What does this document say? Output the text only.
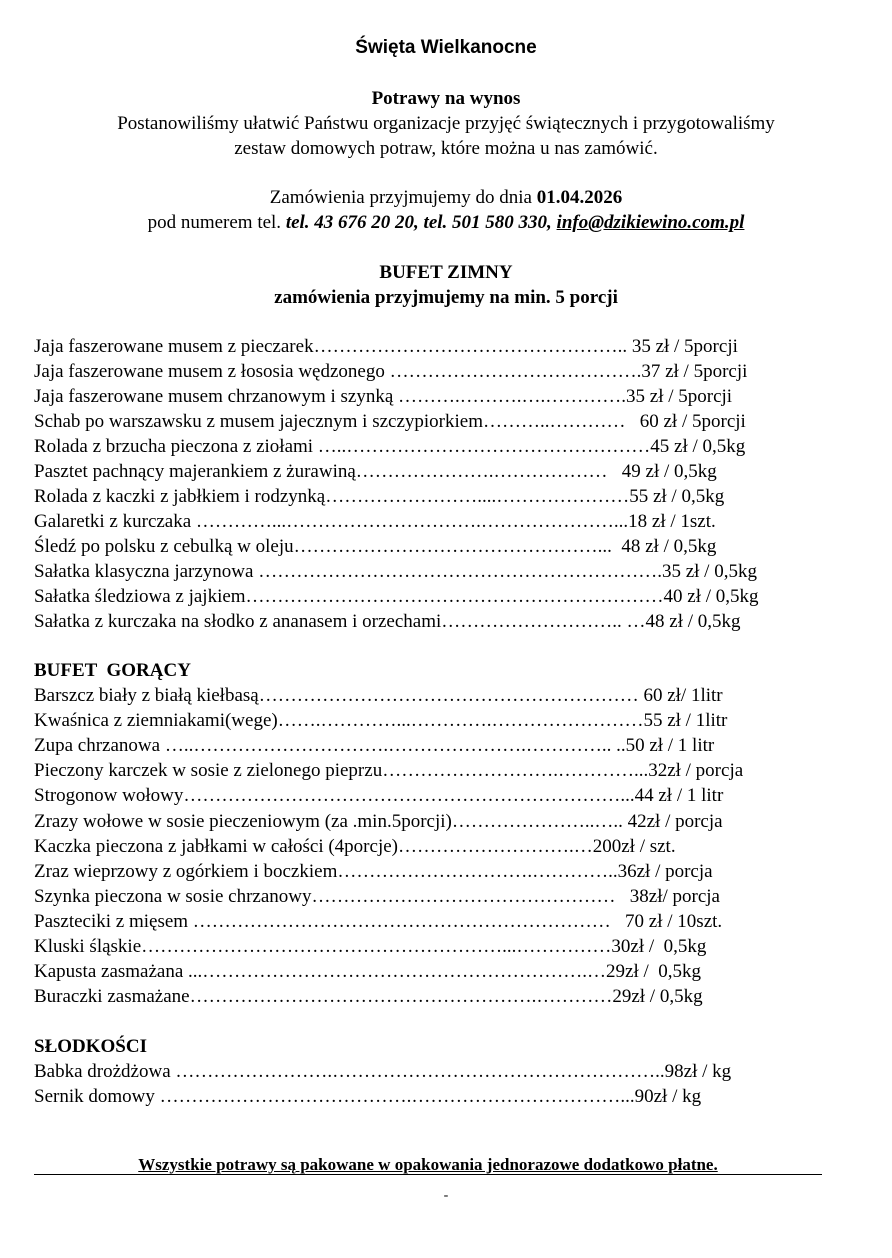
Święta Wielkanocne
Potrawy na wynos
Postanowiliśmy ułatwić Państwu organizacje przyjęć świątecznych i przygotowaliśmy
zestaw domowych potraw, które można u nas zamówić.
Zamówienia przyjmujemy do dnia 01.04.2026
pod numerem tel. tel. 43 676 20 20, tel. 501 580 330, info@dzikiewino.com.pl
BUFET ZIMNY
zamówienia przyjmujemy na min. 5 porcji
Jaja faszerowane musem z pieczarek………………………………………….. 35 zł / 5porcji
Jaja faszerowane musem z łososia wędzonego ………………………………….37 zł / 5porcji
Jaja faszerowane musem chrzanowym i szynką ……….……….….………….35 zł / 5porcji
Schab po warszawsku z musem jajecznym i szczypiorkiem………..…………   60 zł / 5porcji
Rolada z brzucha pieczona z ziołami …..…………………………………………45 zł / 0,5kg
Pasztet pachnący majerankiem z żurawiną………………….………………   49 zł / 0,5kg
Rolada z kaczki z jabłkiem i rodzynką……………………....…………………55 zł / 0,5kg
Galaretki z kurczaka …………...………………………….…………………...18 zł / 1szt.
Śledź po polsku z cebulką w oleju…………………………………………...  48 zł / 0,5kg
Sałatka klasyczna jarzynowa ……………………………………………………….35 zł / 0,5kg
Sałatka śledziowa z jajkiem…………………………………………………………40 zł / 0,5kg
Sałatka z kurczaka na słodko z ananasem i orzechami……………………….. …48 zł / 0,5kg
BUFET  GORĄCY
Barszcz biały z białą kiełbasą…………………………………………………… 60 zł/ 1litr
Kwaśnica z ziemniakami(wege)…….…………...………….……………………55 zł / 1litr
Zupa chrzanowa …..………………………….………………….………….. ..50 zł / 1 litr
Pieczony karczek w sosie z zielonego pieprzu……………………….…………...32zł / porcja
Strogonow wołowy……………………………………………………………...44 zł / 1 litr
Zrazy wołowe w sosie pieczeniowym (za .min.5porcji)…………………..….. 42zł / porcja
Kaczka pieczona z jabłkami w całości (4porcje)……………………….…200zł / szt.
Zraz wieprzowy z ogórkiem i boczkiem………………………….…………..36zł / porcja
Szynka pieczona w sosie chrzanowy…………………………………………   38zł/ porcja
Paszteciki z mięsem …………………………………………………………   70 zł / 10szt.
Kluski śląskie…………………………………………………...……………30zł /  0,5kg
Kapusta zasmażana ...…………………………………………………….…29zł /  0,5kg
Buraczki zasmażane……………………………………………….…………29zł / 0,5kg
SŁODKOŚCI
Babka drożdżowa …………………….……………………………………………..98zł / kg
Sernik domowy ………………………………….……………………………...90zł / kg
Wszystkie potrawy są pakowane w opakowania jednorazowe dodatkowo płatne.
-
